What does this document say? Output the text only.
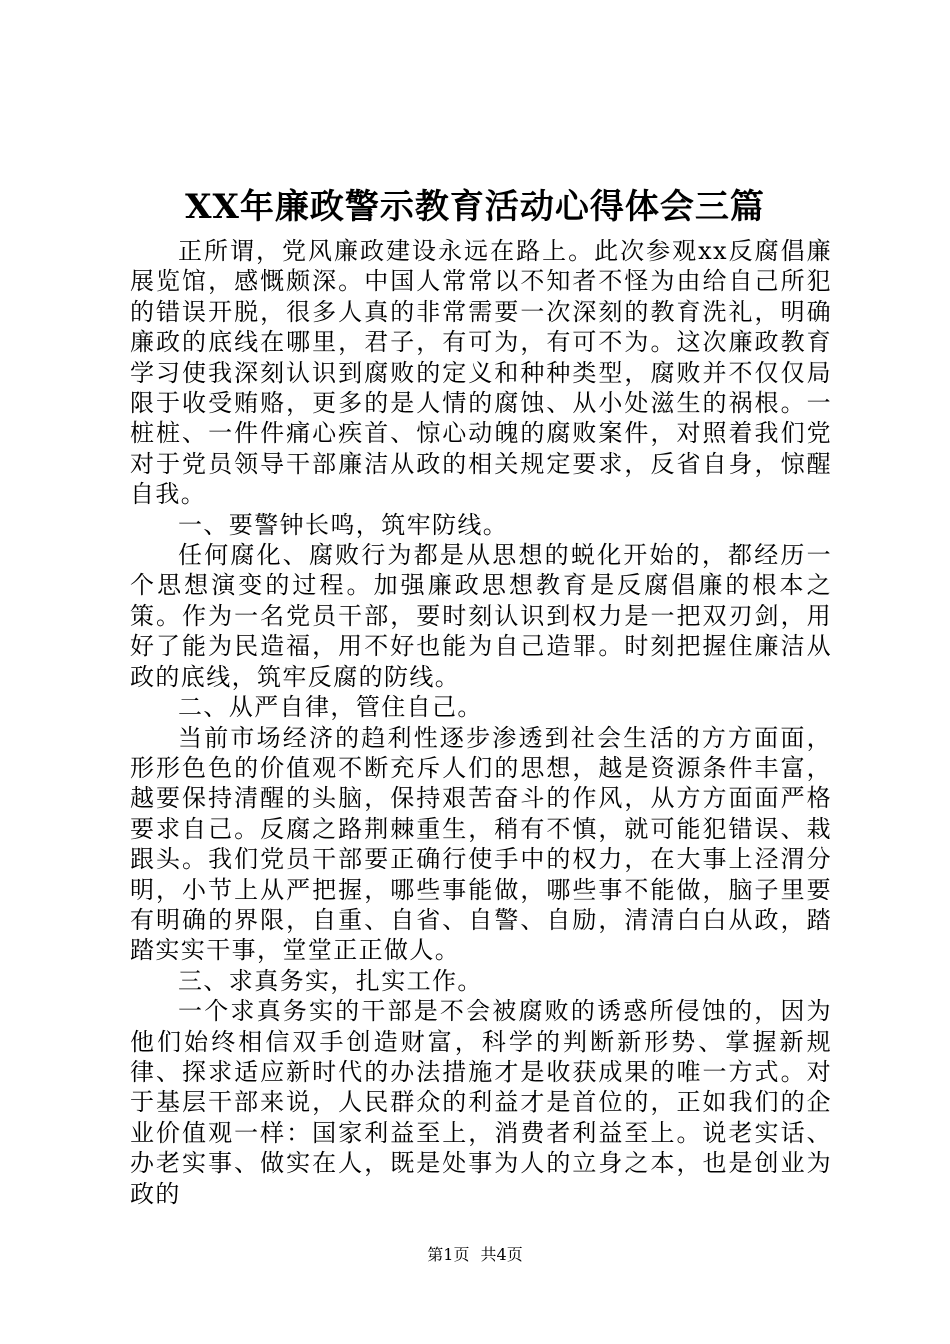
XX年廉政警示教育活动心得体会三篇

正所谓，党风廉政建设永远在路上。此次参观xx反腐倡廉展览馆，感慨颇深。中国人常常以不知者不怪为由给自己所犯的错误开脱，很多人真的非常需要一次深刻的教育洗礼，明确廉政的底线在哪里，君子，有可为，有可不为。这次廉政教育学习使我深刻认识到腐败的定义和种种类型，腐败并不仅仅局限于收受贿赂，更多的是人情的腐蚀、从小处滋生的祸根。一桩桩、一件件痛心疾首、惊心动魄的腐败案件，对照着我们党对于党员领导干部廉洁从政的相关规定要求，反省自身，惊醒自我。

一、要警钟长鸣，筑牢防线。

任何腐化、腐败行为都是从思想的蜕化开始的，都经历一个思想演变的过程。加强廉政思想教育是反腐倡廉的根本之策。作为一名党员干部，要时刻认识到权力是一把双刃剑，用好了能为民造福，用不好也能为自己造罪。时刻把握住廉洁从政的底线，筑牢反腐的防线。

二、从严自律，管住自己。

当前市场经济的趋利性逐步渗透到社会生活的方方面面，形形色色的价值观不断充斥人们的思想，越是资源条件丰富，越要保持清醒的头脑，保持艰苦奋斗的作风，从方方面面严格要求自己。反腐之路荆棘重生，稍有不慎，就可能犯错误、栽跟头。我们党员干部要正确行使手中的权力，在大事上泾渭分明，小节上从严把握，哪些事能做，哪些事不能做，脑子里要有明确的界限，自重、自省、自警、自励，清清白白从政，踏踏实实干事，堂堂正正做人。

三、求真务实，扎实工作。

一个求真务实的干部是不会被腐败的诱惑所侵蚀的，因为他们始终相信双手创造财富，科学的判断新形势、掌握新规律、探求适应新时代的办法措施才是收获成果的唯一方式。对于基层干部来说，人民群众的利益才是首位的，正如我们的企业价值观一样：国家利益至上，消费者利益至上。说老实话、办老实事、做实在人，既是处事为人的立身之本，也是创业为政的

第1页 共4页
